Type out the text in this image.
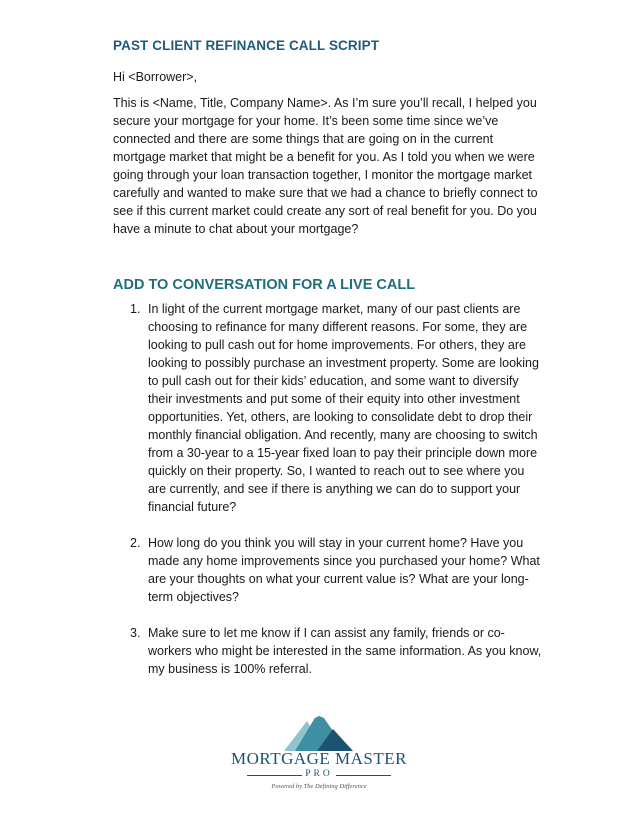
PAST CLIENT REFINANCE CALL SCRIPT
Hi <Borrower>,
This is <Name, Title, Company Name>. As I’m sure you’ll recall, I helped you secure your mortgage for your home. It’s been some time since we’ve connected and there are some things that are going on in the current mortgage market that might be a benefit for you. As I told you when we were going through your loan transaction together, I monitor the mortgage market carefully and wanted to make sure that we had a chance to briefly connect to see if this current market could create any sort of real benefit for you. Do you have a minute to chat about your mortgage?
ADD TO CONVERSATION FOR A LIVE CALL
1. In light of the current mortgage market, many of our past clients are choosing to refinance for many different reasons. For some, they are looking to pull cash out for home improvements. For others, they are looking to possibly purchase an investment property. Some are looking to pull cash out for their kids’ education, and some want to diversify their investments and put some of their equity into other investment opportunities. Yet, others, are looking to consolidate debt to drop their monthly financial obligation. And recently, many are choosing to switch from a 30-year to a 15-year fixed loan to pay their principle down more quickly on their property. So, I wanted to reach out to see where you are currently, and see if there is anything we can do to support your financial future?
2. How long do you think you will stay in your current home? Have you made any home improvements since you purchased your home? What are your thoughts on what your current value is? What are your long-term objectives?
3. Make sure to let me know if I can assist any family, friends or co-workers who might be interested in the same information. As you know, my business is 100% referral.
MORTGAGE MASTER
PRO
Powered by The Defining Difference
